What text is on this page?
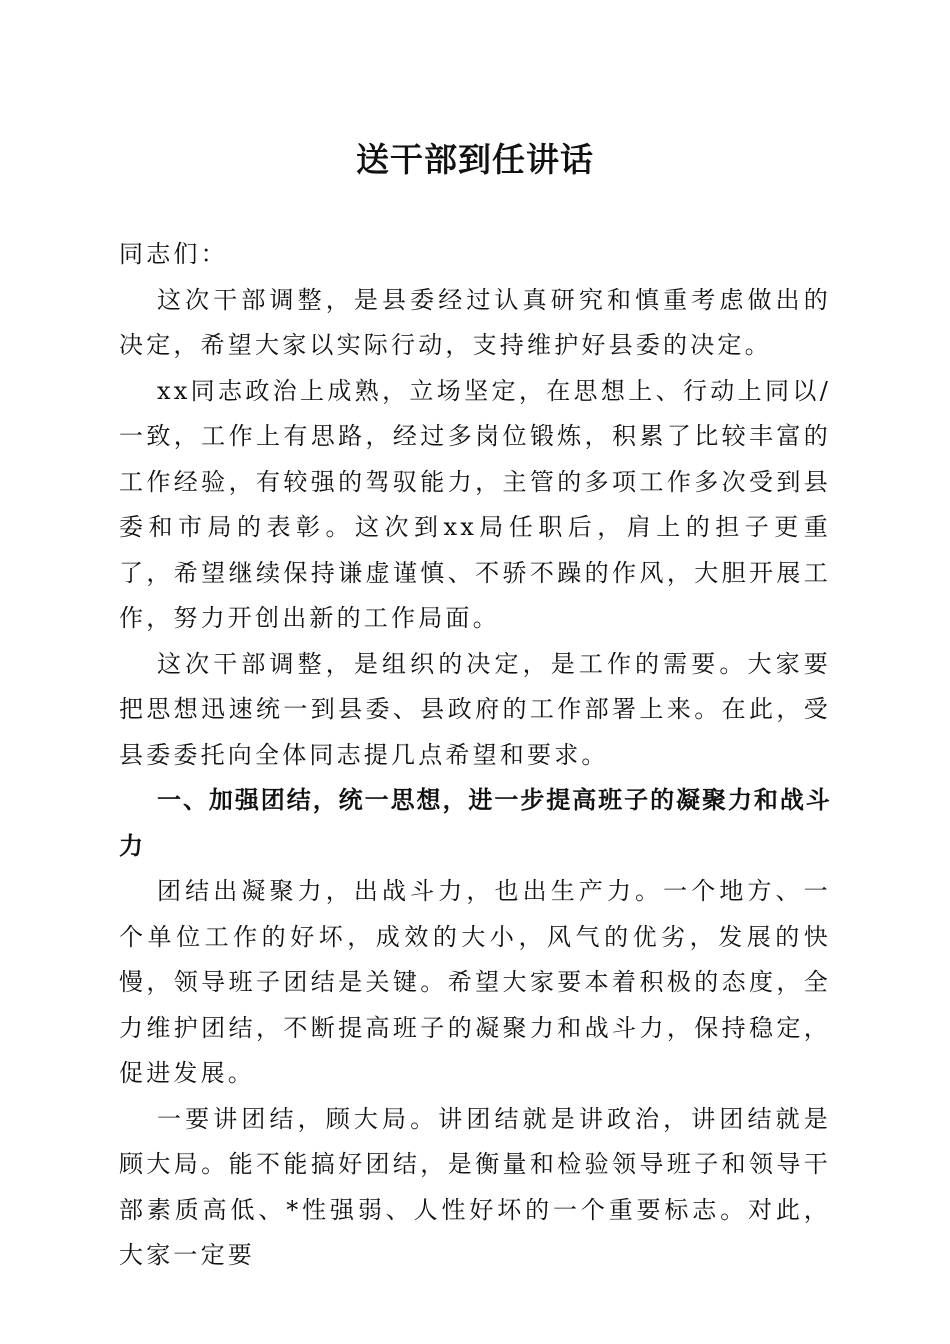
送干部到任讲话

同志们：

这次干部调整，是县委经过认真研究和慎重考虑做出的决定，希望大家以实际行动，支持维护好县委的决定。

xx同志政治上成熟，立场坚定，在思想上、行动上同以/一致，工作上有思路，经过多岗位锻炼，积累了比较丰富的工作经验，有较强的驾驭能力，主管的多项工作多次受到县委和市局的表彰。这次到xx局任职后，肩上的担子更重了，希望继续保持谦虚谨慎、不骄不躁的作风，大胆开展工作，努力开创出新的工作局面。

这次干部调整，是组织的决定，是工作的需要。大家要把思想迅速统一到县委、县政府的工作部署上来。在此，受县委委托向全体同志提几点希望和要求。

一、加强团结，统一思想，进一步提高班子的凝聚力和战斗力

团结出凝聚力，出战斗力，也出生产力。一个地方、一个单位工作的好坏，成效的大小，风气的优劣，发展的快慢，领导班子团结是关键。希望大家要本着积极的态度，全力维护团结，不断提高班子的凝聚力和战斗力，保持稳定，促进发展。

一要讲团结，顾大局。讲团结就是讲政治，讲团结就是顾大局。能不能搞好团结，是衡量和检验领导班子和领导干部素质高低、*性强弱、人性好坏的一个重要标志。对此，大家一定要
